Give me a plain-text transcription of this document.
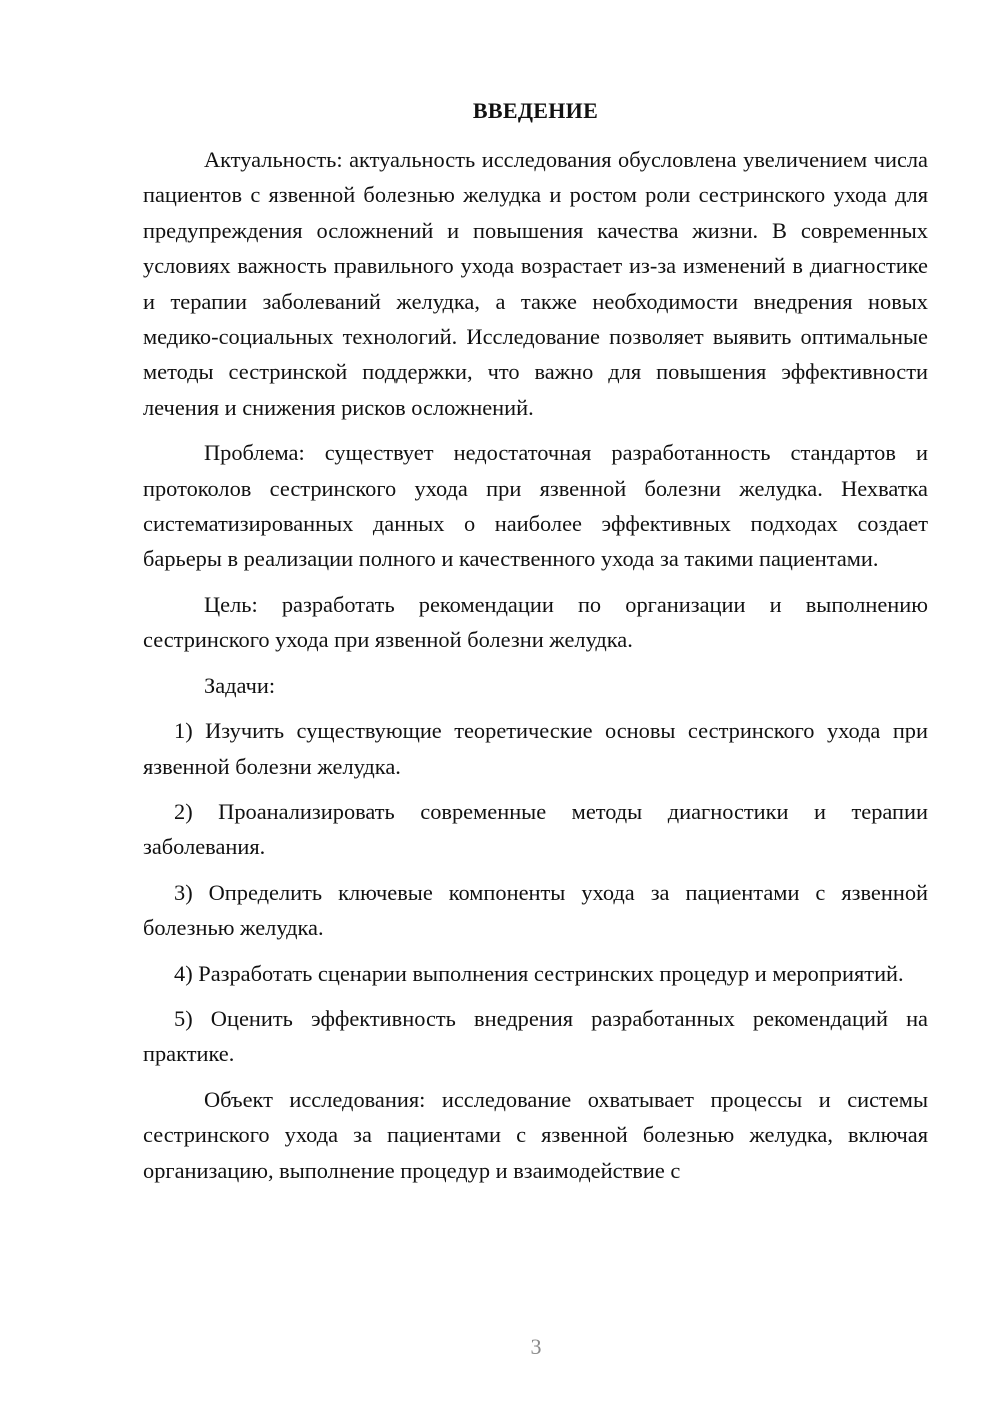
ВВЕДЕНИЕ

Актуальность: актуальность исследования обусловлена увеличением числа пациентов с язвенной болезнью желудка и ростом роли сестринского ухода для предупреждения осложнений и повышения качества жизни. В современных условиях важность правильного ухода возрастает из-за изменений в диагностике и терапии заболеваний желудка, а также необходимости внедрения новых медико-социальных технологий. Исследование позволяет выявить оптимальные методы сестринской поддержки, что важно для повышения эффективности лечения и снижения рисков осложнений.

Проблема: существует недостаточная разработанность стандартов и протоколов сестринского ухода при язвенной болезни желудка. Нехватка систематизированных данных о наиболее эффективных подходах создает барьеры в реализации полного и качественного ухода за такими пациентами.

Цель: разработать рекомендации по организации и выполнению сестринского ухода при язвенной болезни желудка.

Задачи:

1) Изучить существующие теоретические основы сестринского ухода при язвенной болезни желудка.

2) Проанализировать современные методы диагностики и терапии заболевания.

3) Определить ключевые компоненты ухода за пациентами с язвенной болезнью желудка.

4) Разработать сценарии выполнения сестринских процедур и мероприятий.

5) Оценить эффективность внедрения разработанных рекомендаций на практике.

Объект исследования: исследование охватывает процессы и системы сестринского ухода за пациентами с язвенной болезнью желудка, включая организацию, выполнение процедур и взаимодействие с

3
